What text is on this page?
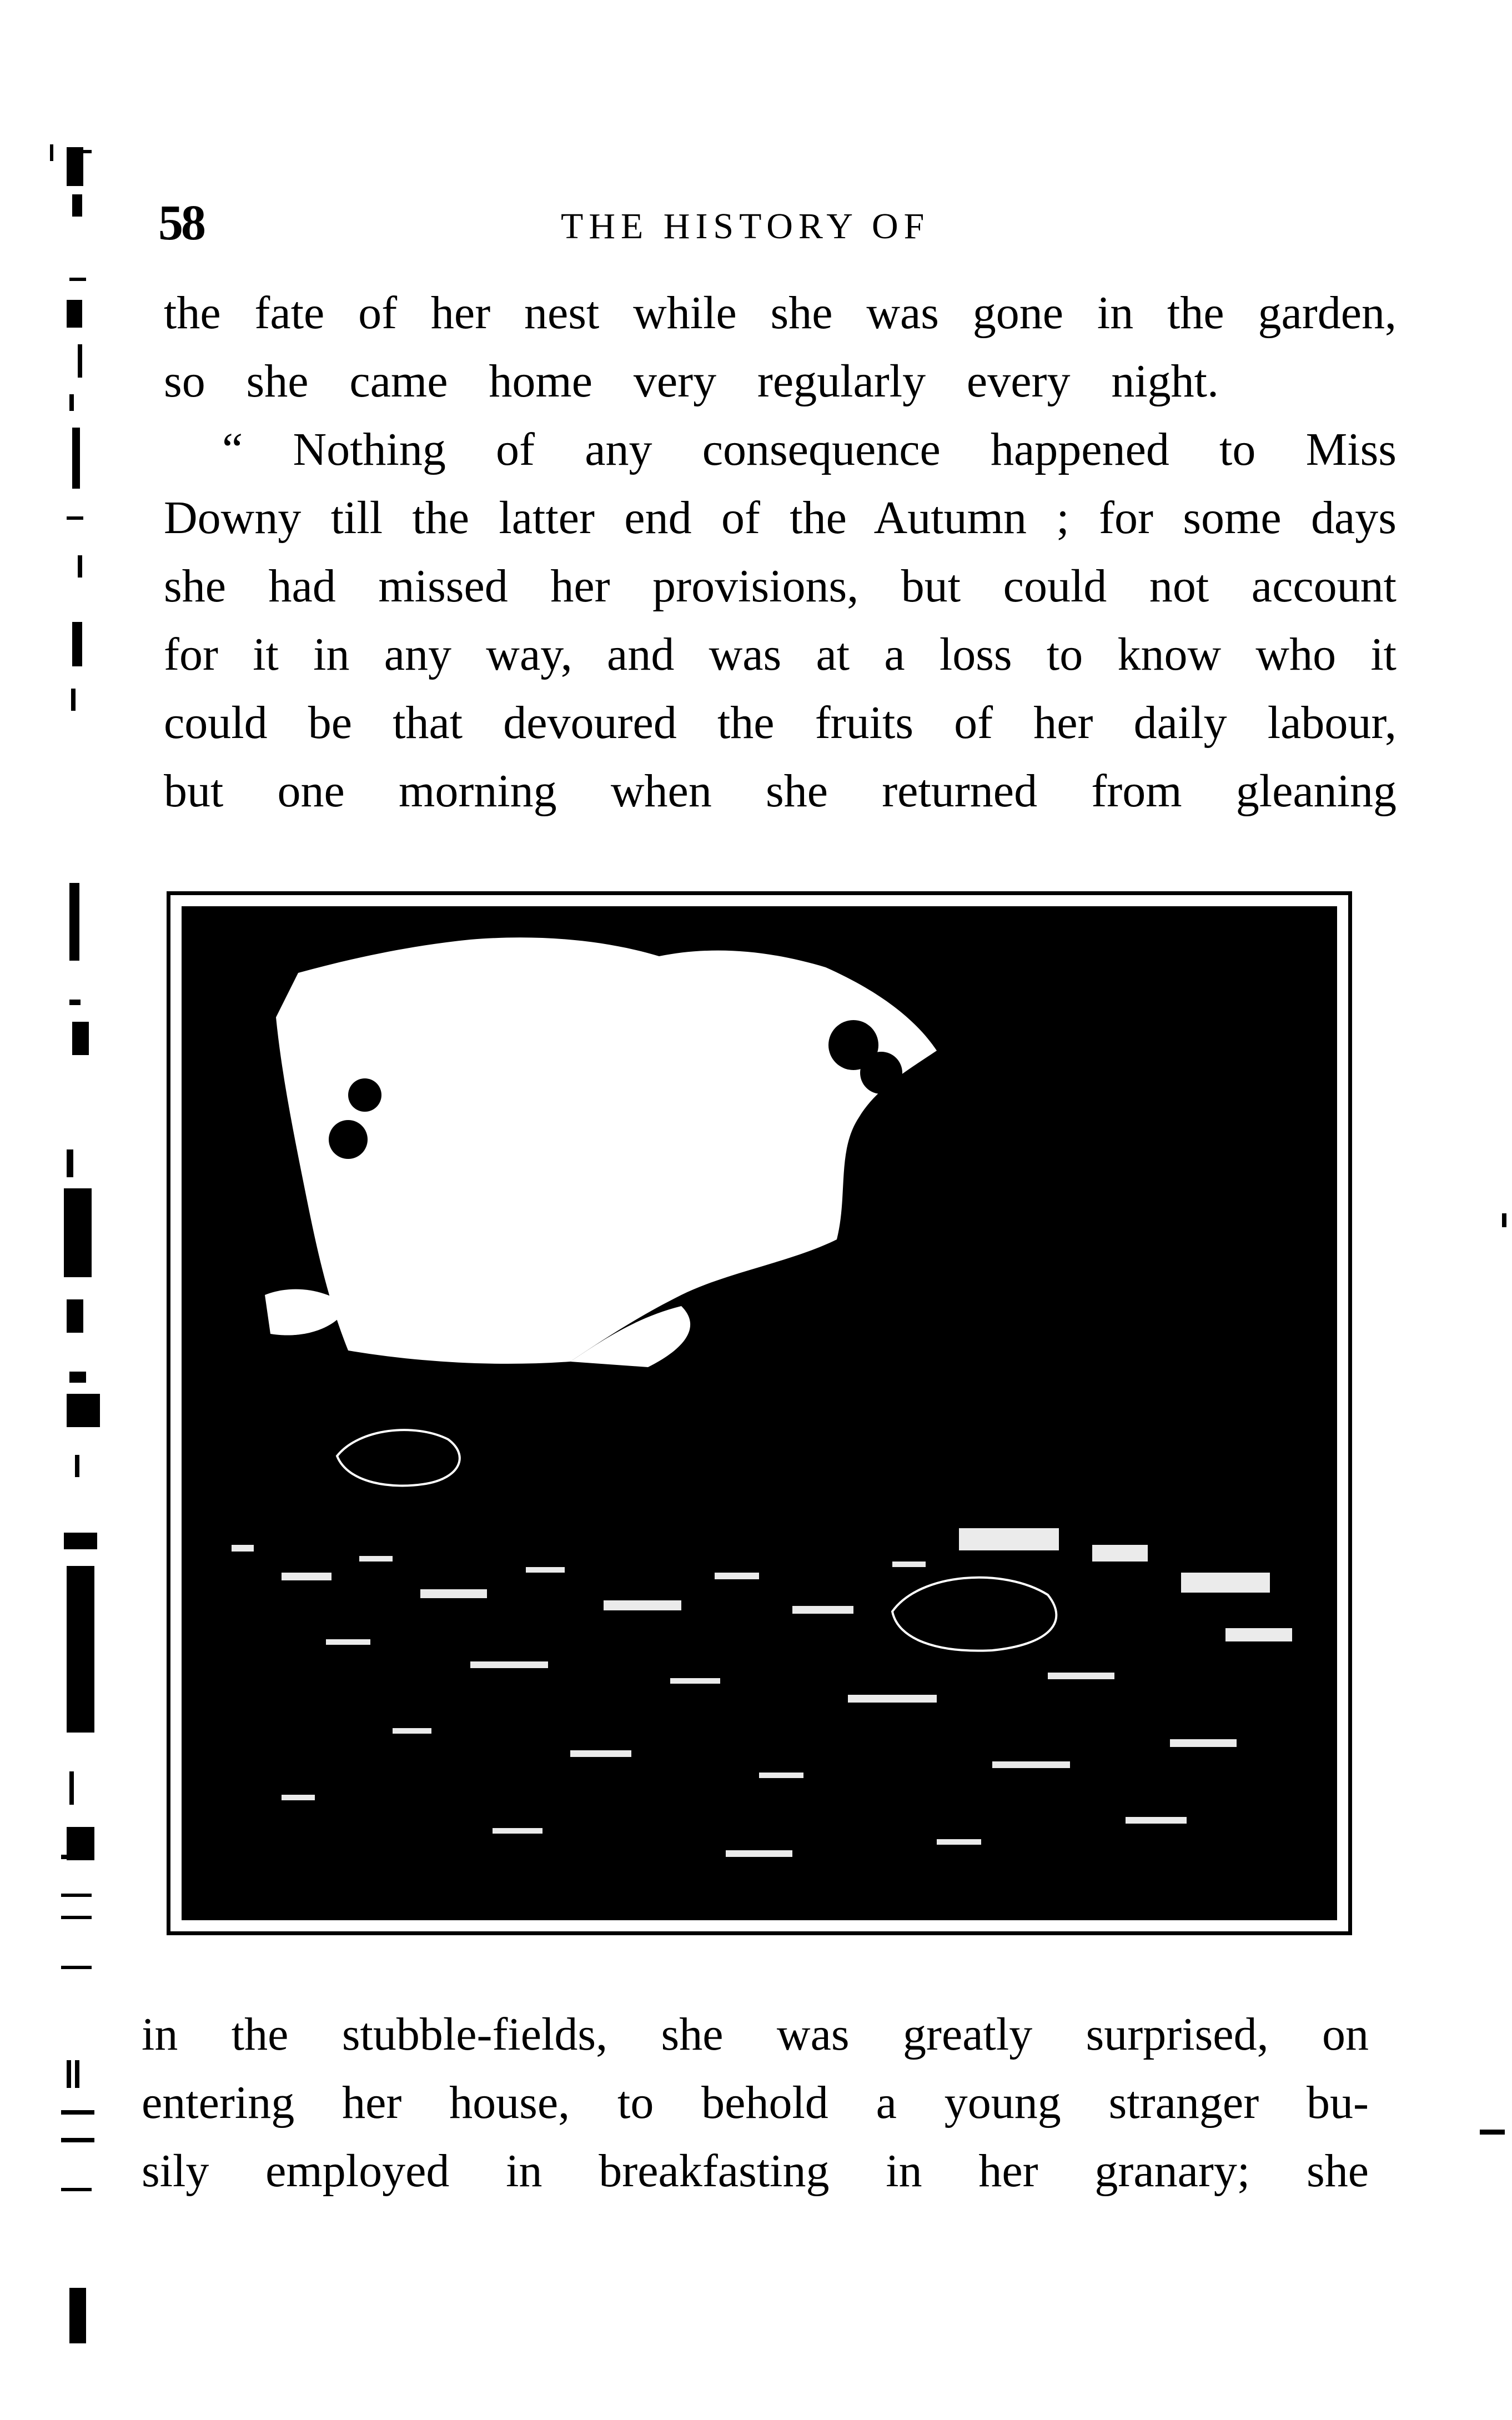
58	THE HISTORY OF
the fate of her nest while she was gone in the garden,
so she came home very regularly every night.
“ Nothing of any consequence happened to Miss
Downy till the latter end of the Autumn ; for some days
she had missed her provisions, but could not account
for it in any way, and was at a loss to know who it
could be that devoured the fruits of her daily labour,
but one morning when she returned from gleaning
in the stubble-fields, she was greatly surprised, on
entering her house, to behold a young stranger bu-
sily employed in breakfasting in her granary; she
